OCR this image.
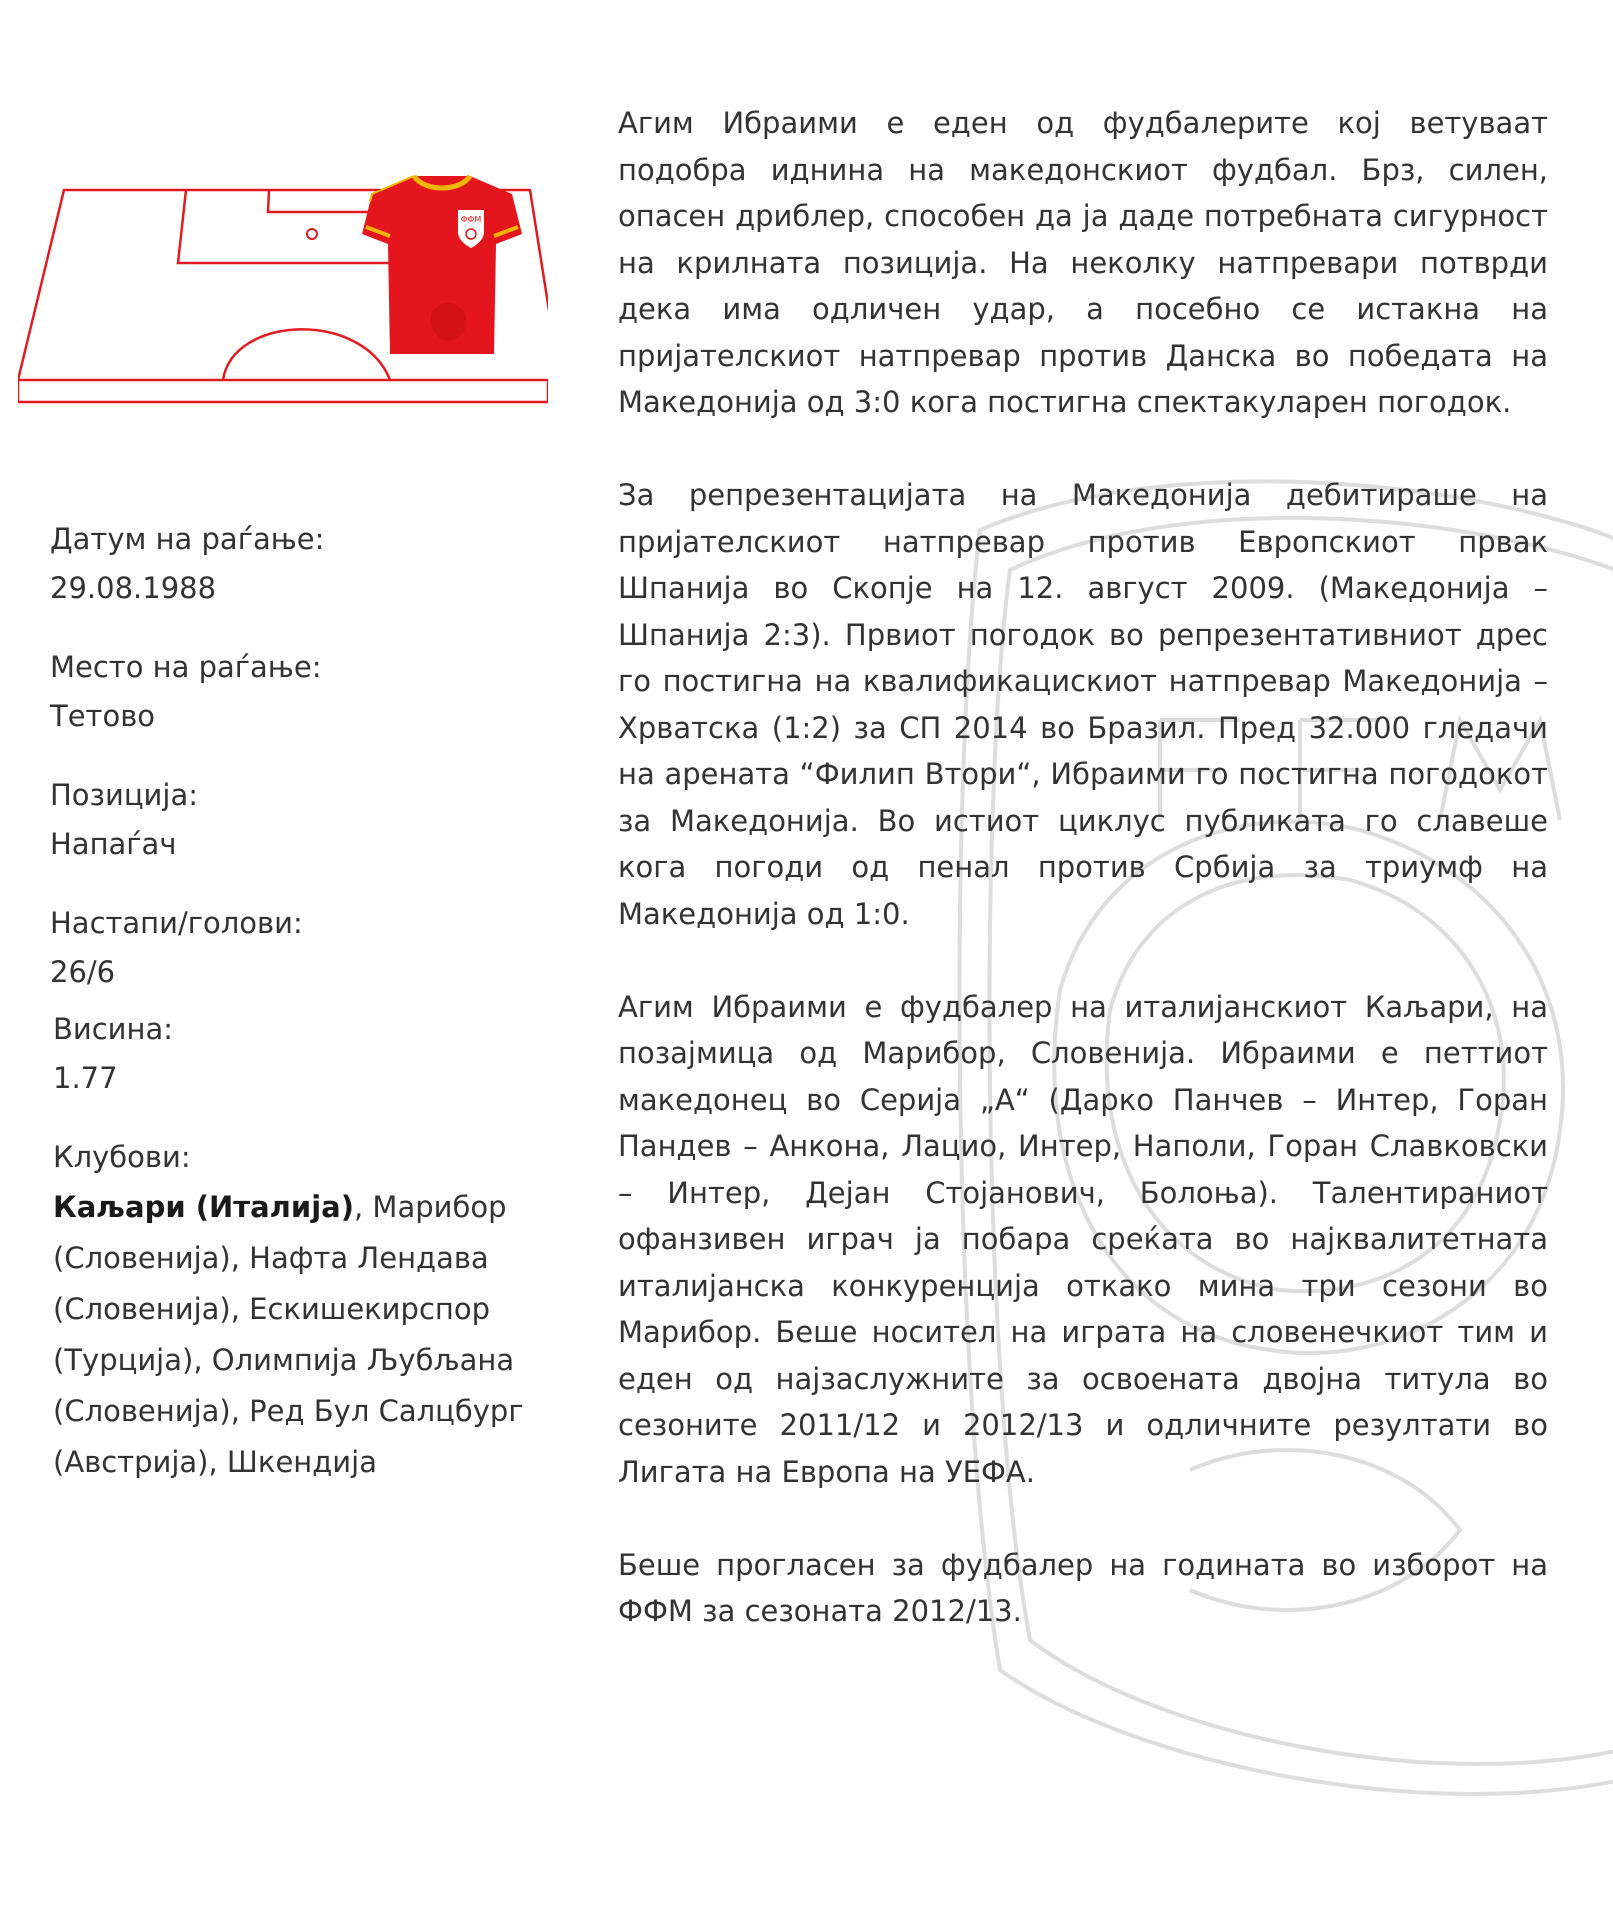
ФФМ
Датум на раѓање:
29.08.1988
Место на раѓање:
Тетово
Позиција:
Напаѓач
Настапи/голови:
26/6
Висина:
1.77
Клубови:
Каљари (Италија), Марибор (Словенија), Нафта Лендава (Словенија), Ескишекирспор (Турција), Олимпија Љубљана (Словенија), Ред Бул Салцбург (Австрија), Шкендија

Агим Ибраими е еден од фудбалерите кој ветуваат подобра иднина на македонскиот фудбал. Брз, силен, опасен дриблер, способен да ја даде потребната сигурност на крилната позиција. На неколку натпревари потврди дека има одличен удар, а посебно се истакна на пријателскиот натпревар против Данска во победата на Македонија од 3:0 кога постигна спектакуларен погодок.

За репрезентацијата на Македонија дебитираше на пријателскиот натпревар против Европскиот првак Шпанија во Скопје на 12. август 2009. (Македонија – Шпанија 2:3). Првиот погодок во репрезентативниот дрес го постигна на квалификацискиот натпревар Македонија – Хрватска (1:2) за СП 2014 во Бразил. Пред 32.000 гледачи на арената “Филип Втори“, Ибраими го постигна погодокот за Македонија. Во истиот циклус публиката го славеше кога погоди од пенал против Србија за триумф на Македонија од 1:0.

Агим Ибраими е фудбалер на италијанскиот Каљари, на позајмица од Марибор, Словенија. Ибраими е петтиот македонец во Серија „А“ (Дарко Панчев – Интер, Горан Пандев – Анкона, Лацио, Интер, Наполи, Горан Славковски – Интер, Дејан Стојанович, Болоња). Талентираниот офанзивен играч ја побара среќата во најквалитетната италијанска конкуренција откако мина три сезони во Марибор. Беше носител на играта на словенечкиот тим и еден од најзаслужните за освоената двојна титула во сезоните 2011/12 и 2012/13 и одличните резултати во Лигата на Европа на УЕФА.

Беше прогласен за фудбалер на годината во изборот на ФФМ за сезоната 2012/13.
